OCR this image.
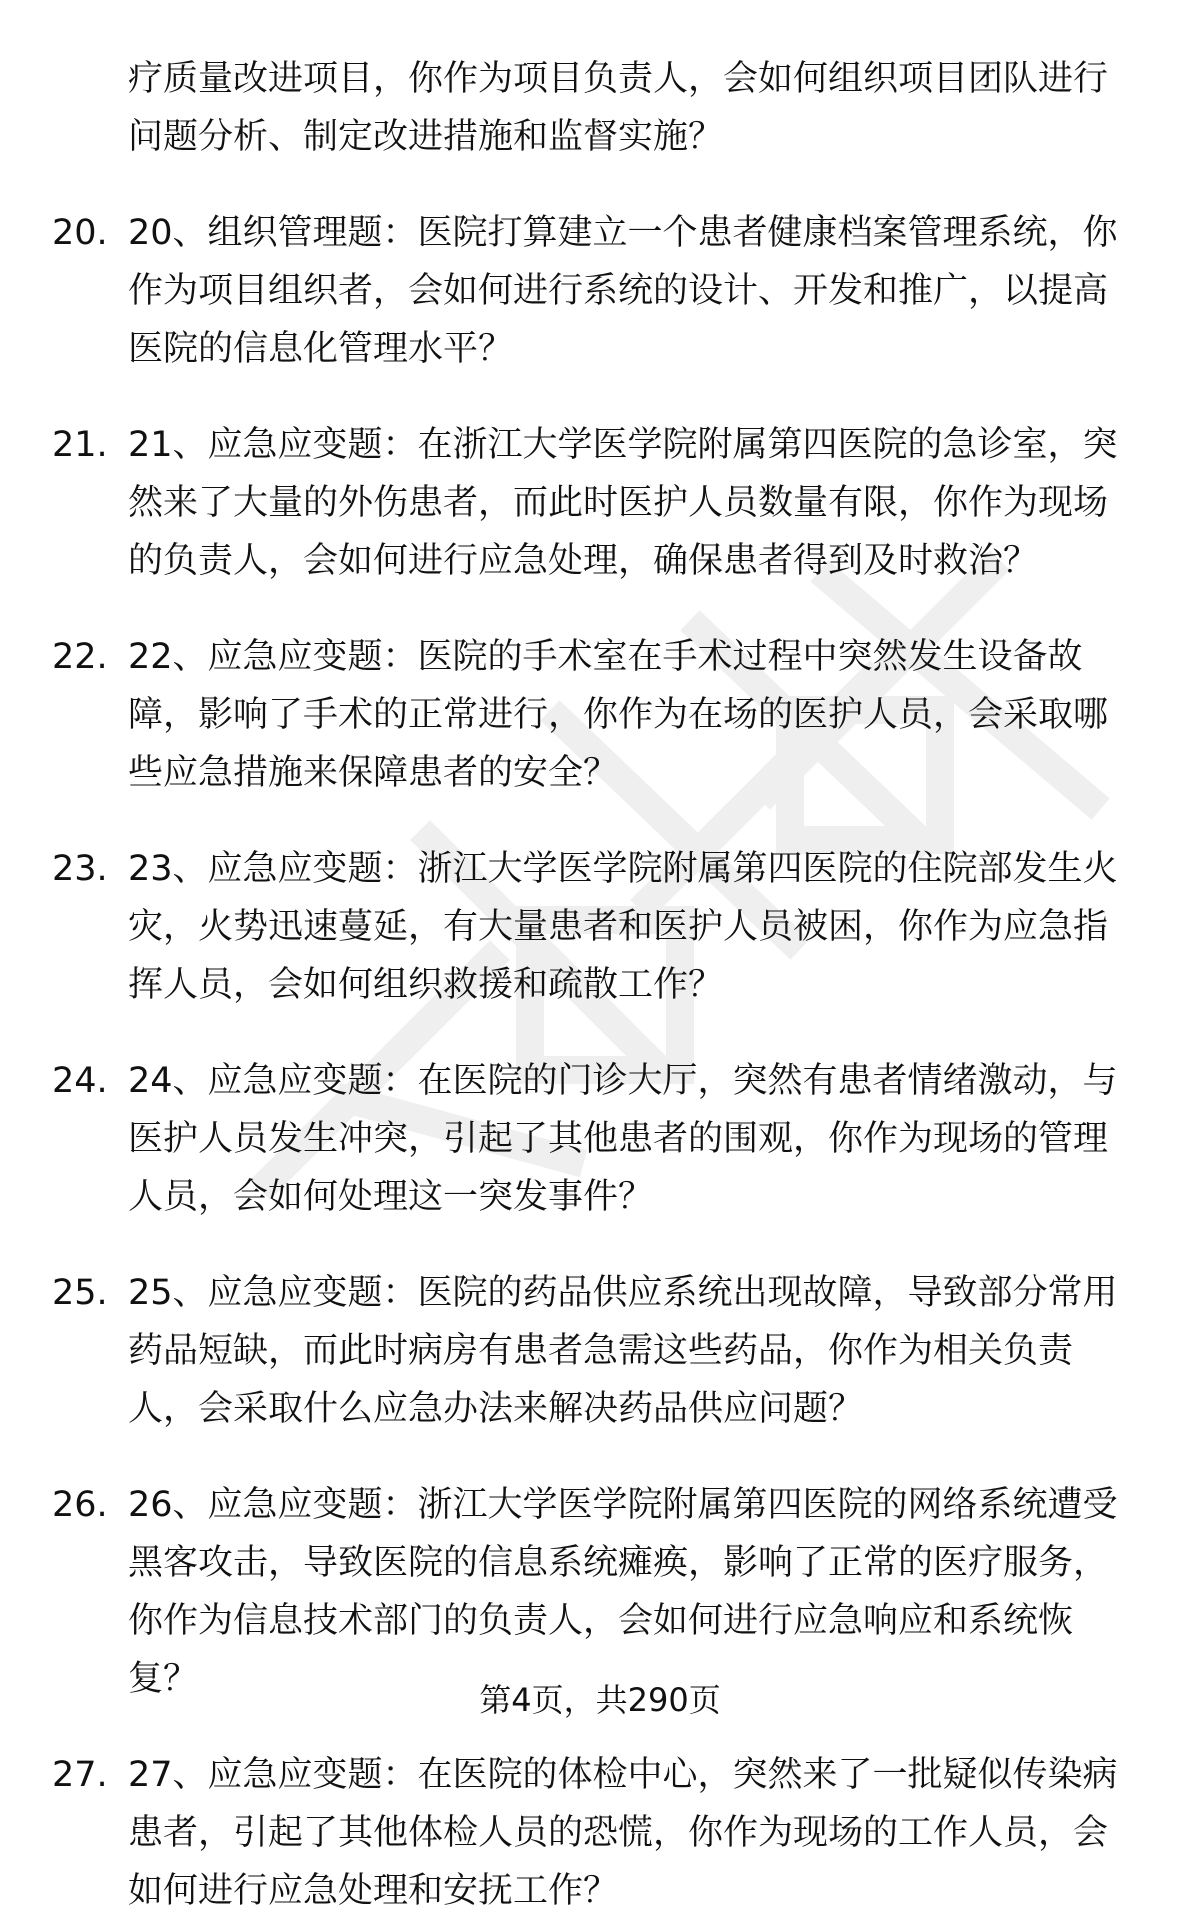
疗质量改进项目，你作为项目负责人，会如何组织项目团队进行
问题分析、制定改进措施和监督实施？
20. 20、组织管理题：医院打算建立一个患者健康档案管理系统，你
作为项目组织者，会如何进行系统的设计、开发和推广，以提高
医院的信息化管理水平？
21. 21、应急应变题：在浙江大学医学院附属第四医院的急诊室，突
然来了大量的外伤患者，而此时医护人员数量有限，你作为现场
的负责人，会如何进行应急处理，确保患者得到及时救治？
22. 22、应急应变题：医院的手术室在手术过程中突然发生设备故
障，影响了手术的正常进行，你作为在场的医护人员，会采取哪
些应急措施来保障患者的安全？
23. 23、应急应变题：浙江大学医学院附属第四医院的住院部发生火
灾，火势迅速蔓延，有大量患者和医护人员被困，你作为应急指
挥人员，会如何组织救援和疏散工作？
24. 24、应急应变题：在医院的门诊大厅，突然有患者情绪激动，与
医护人员发生冲突，引起了其他患者的围观，你作为现场的管理
人员，会如何处理这一突发事件？
25. 25、应急应变题：医院的药品供应系统出现故障，导致部分常用
药品短缺，而此时病房有患者急需这些药品，你作为相关负责
人，会采取什么应急办法来解决药品供应问题？
26. 26、应急应变题：浙江大学医学院附属第四医院的网络系统遭受
黑客攻击，导致医院的信息系统瘫痪，影响了正常的医疗服务，
你作为信息技术部门的负责人，会如何进行应急响应和系统恢
复？
27. 27、应急应变题：在医院的体检中心，突然来了一批疑似传染病
患者，引起了其他体检人员的恐慌，你作为现场的工作人员，会
如何进行应急处理和安抚工作？
第4页，共290页
